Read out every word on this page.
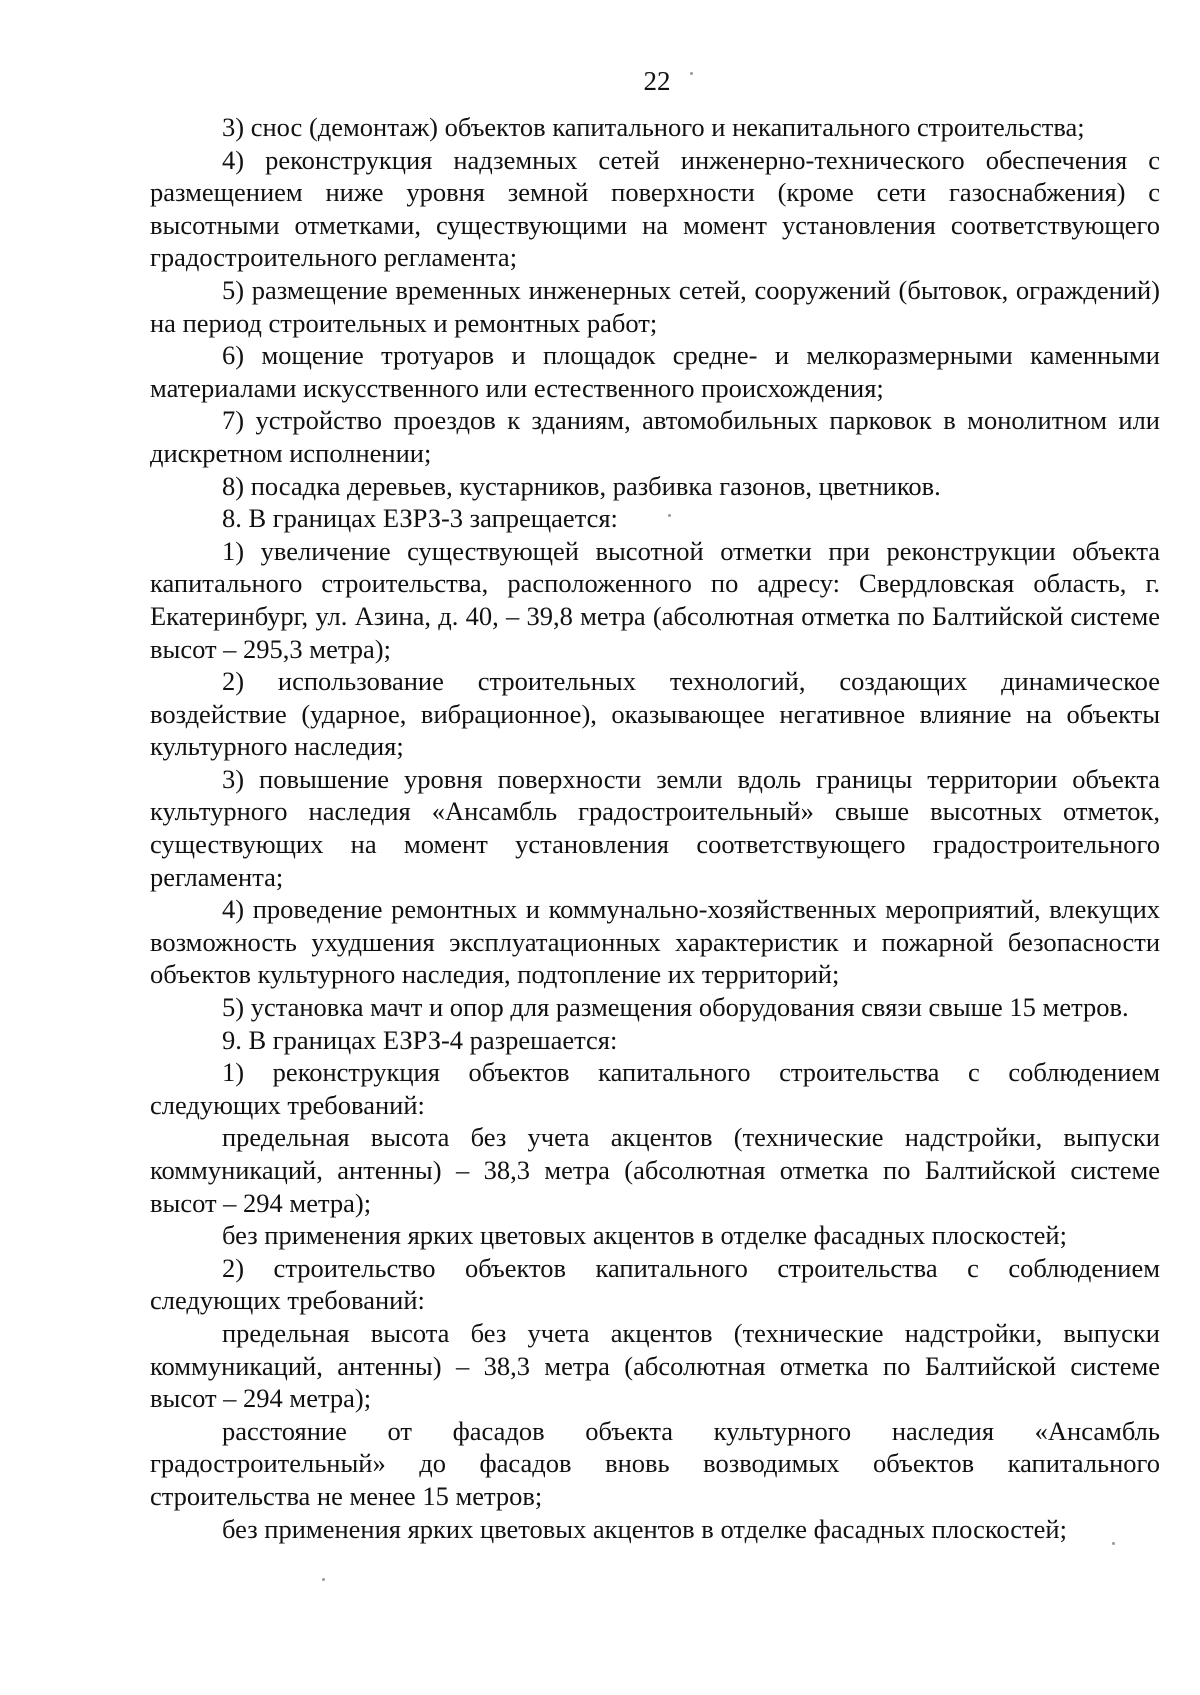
22

3) снос (демонтаж) объектов капитального и некапитального строительства;

4) реконструкция надземных сетей инженерно-технического обеспечения с размещением ниже уровня земной поверхности (кроме сети газоснабжения) с высотными отметками, существующими на момент установления соответствующего градостроительного регламента;

5) размещение временных инженерных сетей, сооружений (бытовок, ограждений) на период строительных и ремонтных работ;

6) мощение тротуаров и площадок средне- и мелкоразмерными каменными материалами искусственного или естественного происхождения;

7) устройство проездов к зданиям, автомобильных парковок в монолитном или дискретном исполнении;

8) посадка деревьев, кустарников, разбивка газонов, цветников.

8. В границах ЕЗРЗ-3 запрещается:

1) увеличение существующей высотной отметки при реконструкции объекта капитального строительства, расположенного по адресу: Свердловская область, г. Екатеринбург, ул. Азина, д. 40, – 39,8 метра (абсолютная отметка по Балтийской системе высот – 295,3 метра);

2) использование строительных технологий, создающих динамическое воздействие (ударное, вибрационное), оказывающее негативное влияние на объекты культурного наследия;

3) повышение уровня поверхности земли вдоль границы территории объекта культурного наследия «Ансамбль градостроительный» свыше высотных отметок, существующих на момент установления соответствующего градостроительного регламента;

4) проведение ремонтных и коммунально-хозяйственных мероприятий, влекущих возможность ухудшения эксплуатационных характеристик и пожарной безопасности объектов культурного наследия, подтопление их территорий;

5) установка мачт и опор для размещения оборудования связи свыше 15 метров.

9. В границах ЕЗРЗ-4 разрешается:

1) реконструкция объектов капитального строительства с соблюдением следующих требований:

предельная высота без учета акцентов (технические надстройки, выпуски коммуникаций, антенны) – 38,3 метра (абсолютная отметка по Балтийской системе высот – 294 метра);

без применения ярких цветовых акцентов в отделке фасадных плоскостей;

2) строительство объектов капитального строительства с соблюдением следующих требований:

предельная высота без учета акцентов (технические надстройки, выпуски коммуникаций, антенны) – 38,3 метра (абсолютная отметка по Балтийской системе высот – 294 метра);

расстояние от фасадов объекта культурного наследия «Ансамбль градостроительный» до фасадов вновь возводимых объектов капитального строительства не менее 15 метров;

без применения ярких цветовых акцентов в отделке фасадных плоскостей;
